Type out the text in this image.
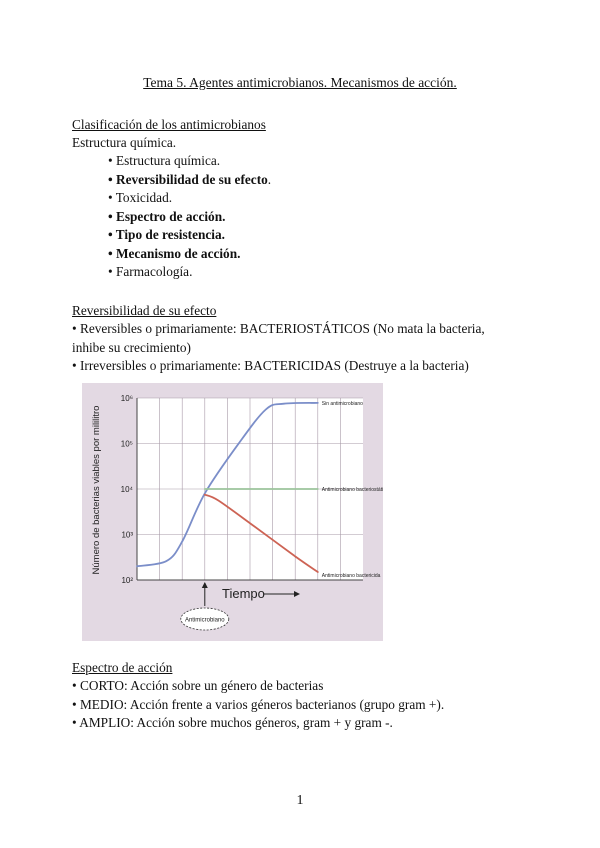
Tema 5. Agentes antimicrobianos. Mecanismos de acción.
Clasificación de los antimicrobianos
Estructura química.
• Estructura química.
• Reversibilidad de su efecto.
• Toxicidad.
• Espectro de acción.
• Tipo de resistencia.
• Mecanismo de acción.
• Farmacología.
Reversibilidad de su efecto
• Reversibles o primariamente: BACTERIOSTÁTICOS (No mata la bacteria,
inhibe su crecimiento)
• Irreversibles o primariamente: BACTERICIDAS (Destruye a la bacteria)
10²
10³
10⁴
10⁵
10⁶
Sin antimicrobiano
Antimicrobiano bacteriostático
Antimicrobiano bactericida
Número de bacterias viables por mililitro
Tiempo
Antimicrobiano
Espectro de acción
• CORTO: Acción sobre un género de bacterias
• MEDIO: Acción frente a varios géneros bacterianos (grupo gram +).
• AMPLIO: Acción sobre muchos géneros, gram + y gram -.
1
